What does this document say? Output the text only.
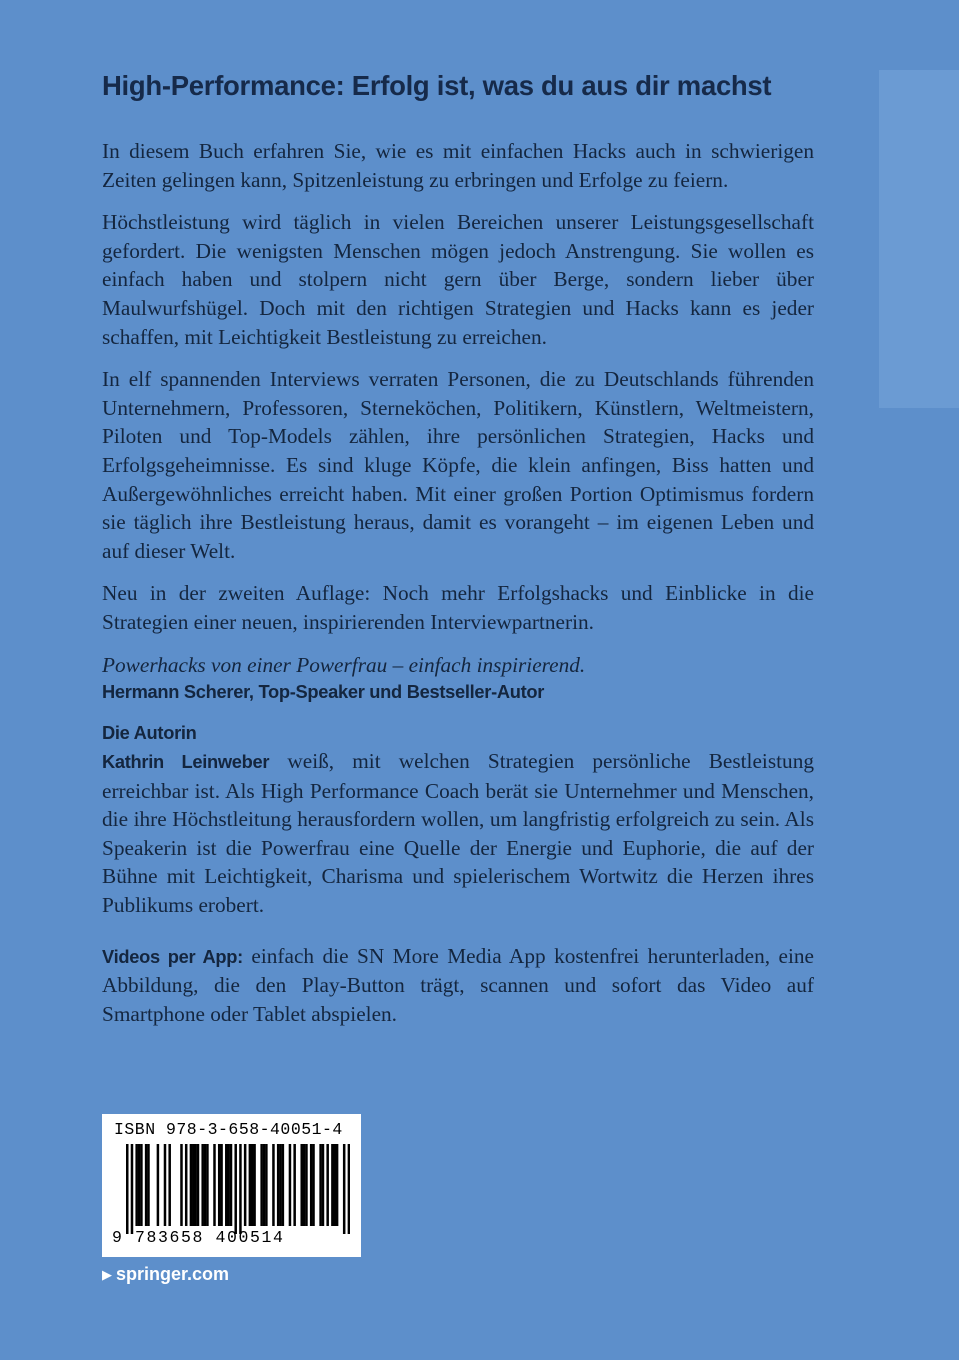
High-Performance: Erfolg ist, was du aus dir machst

In diesem Buch erfahren Sie, wie es mit einfachen Hacks auch in schwierigen Zeiten gelingen kann, Spitzenleistung zu erbringen und Erfolge zu feiern.

Höchstleistung wird täglich in vielen Bereichen unserer Leistungsgesellschaft gefordert. Die wenigsten Menschen mögen jedoch Anstrengung. Sie wollen es einfach haben und stolpern nicht gern über Berge, sondern lieber über Maulwurfshügel. Doch mit den richtigen Strategien und Hacks kann es jeder schaffen, mit Leichtigkeit Bestleistung zu erreichen.

In elf spannenden Interviews verraten Personen, die zu Deutschlands führenden Unternehmern, Professoren, Sterneköchen, Politikern, Künstlern, Weltmeistern, Piloten und Top-Models zählen, ihre persönlichen Strategien, Hacks und Erfolgsgeheimnisse. Es sind kluge Köpfe, die klein anfingen, Biss hatten und Außergewöhnliches erreicht haben. Mit einer großen Portion Optimismus fordern sie täglich ihre Bestleistung heraus, damit es vorangeht – im eigenen Leben und auf dieser Welt.

Neu in der zweiten Auflage: Noch mehr Erfolgshacks und Einblicke in die Strategien einer neuen, inspirierenden Interviewpartnerin.

Powerhacks von einer Powerfrau – einfach inspirierend.
Hermann Scherer, Top-Speaker und Bestseller-Autor
Die Autorin

Kathrin Leinweber weiß, mit welchen Strategien persönliche Bestleistung erreichbar ist. Als High Performance Coach berät sie Unternehmer und Menschen, die ihre Höchstleitung herausfordern wollen, um langfristig erfolgreich zu sein. Als Speakerin ist die Powerfrau eine Quelle der Energie und Euphorie, die auf der Bühne mit Leichtigkeit, Charisma und spielerischem Wortwitz die Herzen ihres Publikums erobert.

Videos per App: einfach die SN More Media App kostenfrei herunterladen, eine Abbildung, die den Play-Button trägt, scannen und sofort das Video auf Smartphone oder Tablet abspielen.

ISBN 978-3-658-40051-4
9 783658 400514
▶ springer.com
